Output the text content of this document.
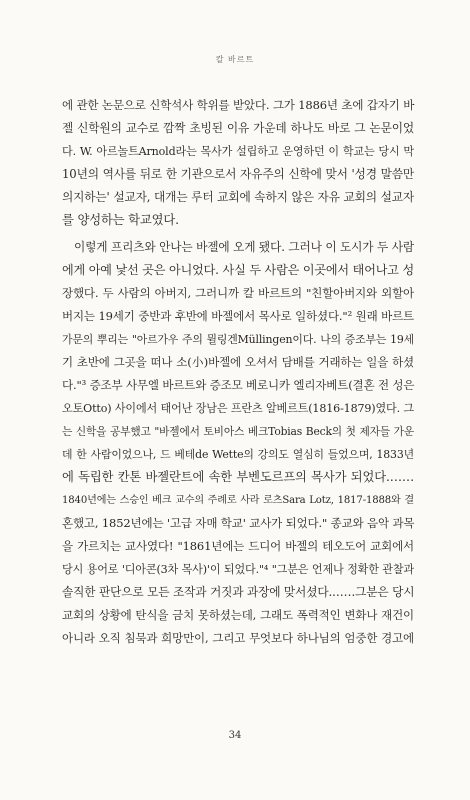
칼 바르트

에 관한 논문으로 신학석사 학위를 받았다. 그가 1886년 초에 갑자기 바
젤 신학원의 교수로 깜짝 초빙된 이유 가운데 하나도 바로 그 논문이었
다. W. 아르놀트Arnold라는 목사가 설립하고 운영하던 이 학교는 당시 막
10년의 역사를 뒤로 한 기관으로서 자유주의 신학에 맞서 '성경 말씀만
의지하는' 설교자, 대개는 루터 교회에 속하지 않은 자유 교회의 설교자
를 양성하는 학교였다.

이렇게 프리츠와 안나는 바젤에 오게 됐다. 그러나 이 도시가 두 사람
에게 아예 낯선 곳은 아니었다. 사실 두 사람은 이곳에서 태어나고 성
장했다. 두 사람의 아버지, 그러니까 칼 바르트의 "친할아버지와 외할아
버지는 19세기 중반과 후반에 바젤에서 목사로 일하셨다."² 원래 바르트
가문의 뿌리는 "아르가우 주의 뮐링겐Müllingen이다. 나의 증조부는 19세
기 초반에 그곳을 떠나 소(小)바젤에 오셔서 담배를 거래하는 일을 하셨
다."³ 증조부 사무엘 바르트와 증조모 베로니카 엘리자베트(결혼 전 성은
오토Otto) 사이에서 태어난 장남은 프란츠 알베르트(1816-1879)였다. 그
는 신학을 공부했고 "바젤에서 토비아스 베크Tobias Beck의 첫 제자들 가운
데 한 사람이었으나, 드 베테de Wette의 강의도 열심히 들었으며, 1833년
에 독립한 칸톤 바젤란트에 속한 부벤도르프의 목사가 되었다.……
1840년에는 스승인 베크 교수의 주례로 사라 로츠Sara Lotz, 1817-1888와 결
혼했고, 1852년에는 '고급 자매 학교' 교사가 되었다." 종교와 음악 과목
을 가르치는 교사였다! "1861년에는 드디어 바젤의 테오도어 교회에서
당시 용어로 '디아콘(3차 목사)'이 되었다."⁴ "그분은 언제나 정확한 관찰과
솔직한 판단으로 모든 조작과 거짓과 과장에 맞서셨다.……그분은 당시
교회의 상황에 탄식을 금치 못하셨는데, 그래도 폭력적인 변화나 재건이
아니라 오직 침묵과 희망만이, 그리고 무엇보다 하나님의 엄중한 경고에

34
